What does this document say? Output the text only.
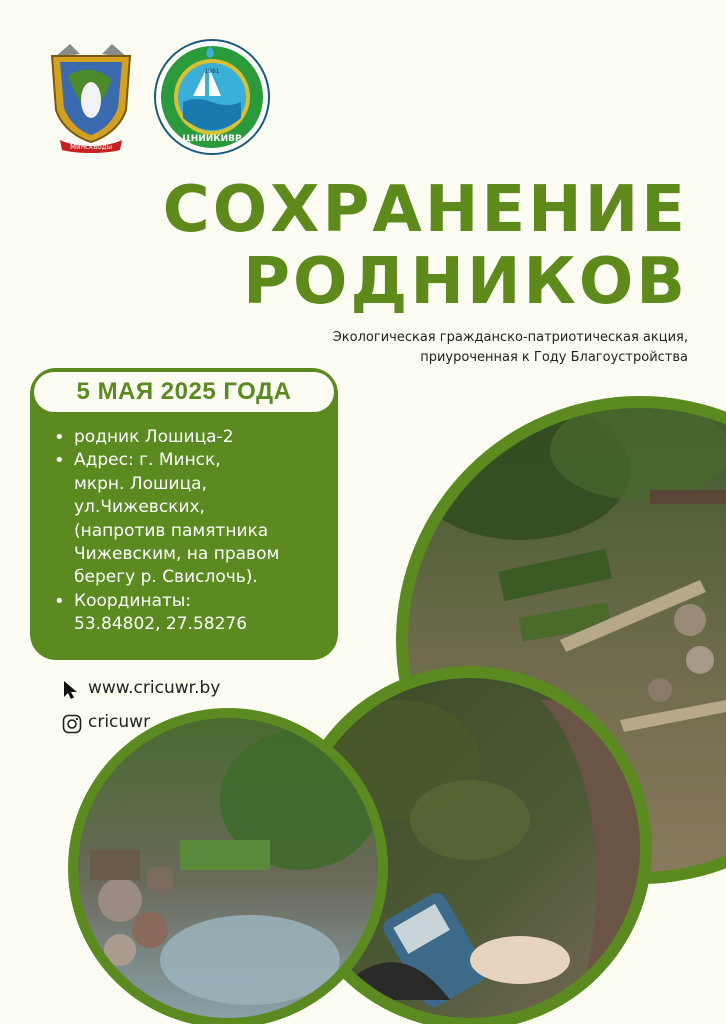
Минскводы
1961
ЦНИИКИВР
СОХРАНЕНИЕ
РОДНИКОВ

Экологическая гражданско-патриотическая акция,

приуроченная к Году Благоустройства

5 МАЯ 2025 ГОДА
• родник Лошица-2
• Адрес: г. Минск,
мкрн. Лошица,
ул.Чижевских,
(напротив памятника
Чижевским, на правом
берегу р. Свислочь).
• Координаты:
53.84802, 27.58276
www.cricuwr.by
cricuwr
